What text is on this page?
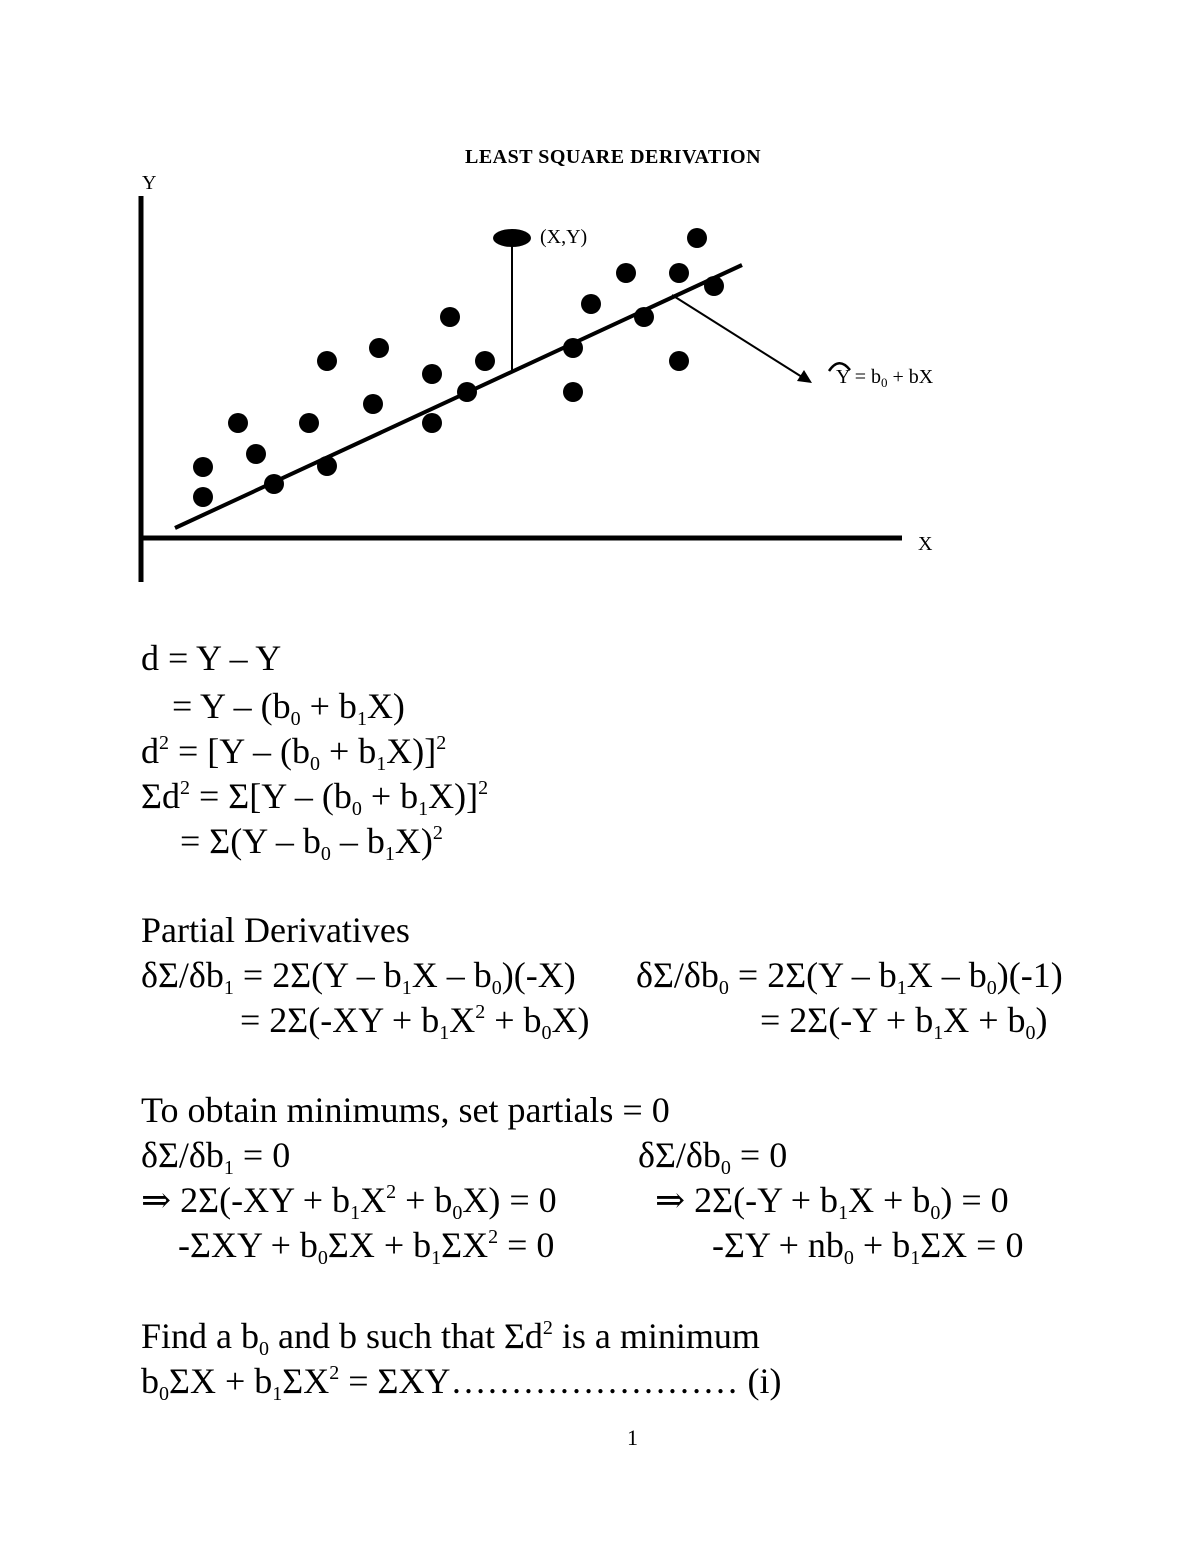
LEAST SQUARE DERIVATION
Y
X
(X,Y)
$Y = b_0$ + bX
d = Y – Y
= $Y - (b_0 + b_1X)$
$d^2 = [Y - (b_0 + b_1X)]^2$
$\Sigma d^2 = \Sigma[Y - (b_0 + b_1X)]^2$
= $\Sigma(Y - b_0 - b_1X)^2$
Partial Derivatives
$\delta\Sigma/\delta b_1 = 2\Sigma(Y - b_1X - b_0)(-X) \delta\Sigma/\delta b_0 = 2\Sigma(Y - b_1X - b_0)(-1)$
= $2\Sigma(-XY + b_1X^2 + b_0X)$	= $2\Sigma(-Y + b_1X + b_0)$
To obtain minimums, set partials = 0
$\delta\Sigma/\delta b_1 = 0$	$\delta\Sigma/\delta b_0 = 0$
⇒ $2\Sigma(-XY + b_1X^2 + b_0X) = 0$	⇒ $2\Sigma(-Y + b_1X + b_0) = 0$
$-\Sigma XY + b_0\Sigma X + b_1\Sigma X^2 = 0$	$-\Sigma Y + nb_0 + b_1\Sigma X = 0$
Find a $b_0$ and b such that $\Sigma d^2$ is a minimum
$b_0\Sigma X + b_1\Sigma X^2$ = ΣXY…………………… (i)
1
